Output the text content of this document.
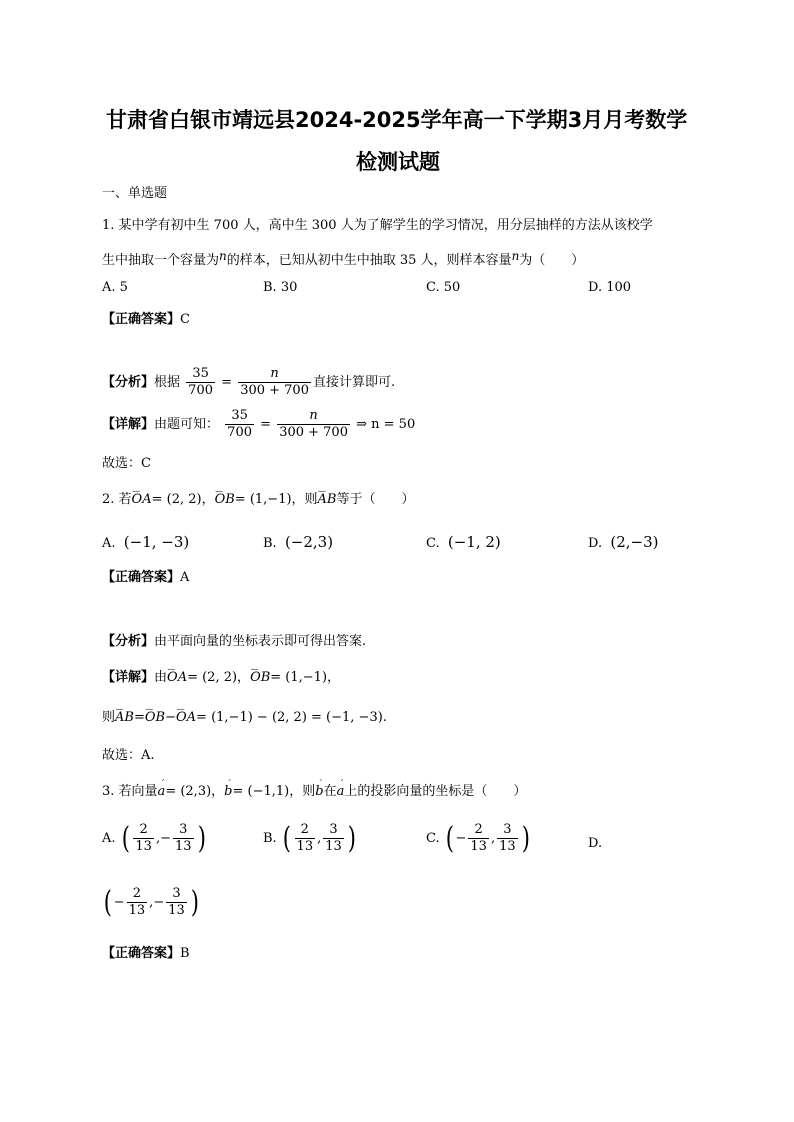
甘肃省白银市靖远县2024-2025学年高一下学期3月月考数学
检测试题
一、单选题
1. 某中学有初中生 700 人，高中生 300 人为了解学生的学习情况，用分层抽样的方法从该校学
生中抽取一个容量为n的样本，已知从初中生中抽取 35 人，则样本容量n为（　　）
A. 5	B. 30	C. 50	D. 100
【正确答案】C
【分析】根据 $\frac{35}{700} = \frac{n}{300 + 700}$ 直接计算即可.
【详解】由题可知： $\frac{35}{700} = \frac{n}{300 + 700}$ ⇒ n = 50
故选：C
2. 若⌣⌣ OA= (2, 2)，⌣⌣ OB= (1,−1)，则⌣⌣ AB等于（　　）
A. (−1, −3)	B. (−2,3)	C. (−1, 2)	D. (2,−3)
【正确答案】A
【分析】由平面向量的坐标表示即可得出答案.
【详解】由⌣⌣ OA= (2, 2)，⌣⌣ OB= (1,−1)，
则⌣⌣ AB=⌣⌣ OB−⌣⌣ OA= (1,−1) − (2, 2) = (−1, −3).
故选：A.
3. 若向量ˊ a= (2,3)，ˊ b= (−1,1)，则ˊ b在ˊ a上的投影向量的坐标是（　　）
A. ( $\frac{2}{13}$ ,− $\frac{3}{13}$ )	B. ( $\frac{2}{13}$ , $\frac{3}{13}$ )	C. ( − $\frac{2}{13}$ , $\frac{3}{13}$ )	D.
( − $\frac{2}{13}$ ,− $\frac{3}{13}$ )
【正确答案】B
